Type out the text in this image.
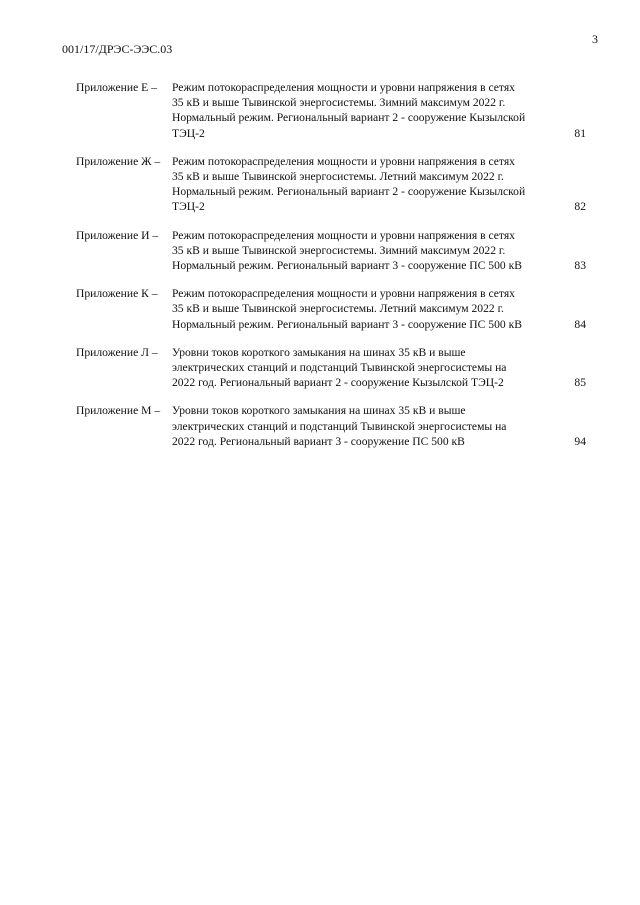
3
001/17/ДРЭС-ЭЭС.03
Приложение Е –	Режим потокораспределения мощности и уровни напряжения в сетях
35 кВ и выше Тывинской энергосистемы. Зимний максимум 2022 г.
Нормальный режим. Региональный вариант 2 - сооружение Кызылской
ТЭЦ-2	81
Приложение Ж –	Режим потокораспределения мощности и уровни напряжения в сетях
35 кВ и выше Тывинской энергосистемы. Летний максимум 2022 г.
Нормальный режим. Региональный вариант 2 - сооружение Кызылской
ТЭЦ-2	82
Приложение И –	Режим потокораспределения мощности и уровни напряжения в сетях
35 кВ и выше Тывинской энергосистемы. Зимний максимум 2022 г.
Нормальный режим. Региональный вариант 3 - сооружение ПС 500 кВ	83
Приложение К –	Режим потокораспределения мощности и уровни напряжения в сетях
35 кВ и выше Тывинской энергосистемы. Летний максимум 2022 г.
Нормальный режим. Региональный вариант 3 - сооружение ПС 500 кВ	84
Приложение Л –	Уровни токов короткого замыкания на шинах 35 кВ и выше
электрических станций и подстанций Тывинской энергосистемы на
2022 год. Региональный вариант 2 - сооружение Кызылской ТЭЦ-2	85
Приложение М –	Уровни токов короткого замыкания на шинах 35 кВ и выше
электрических станций и подстанций Тывинской энергосистемы на
2022 год. Региональный вариант 3 - сооружение ПС 500 кВ	94
